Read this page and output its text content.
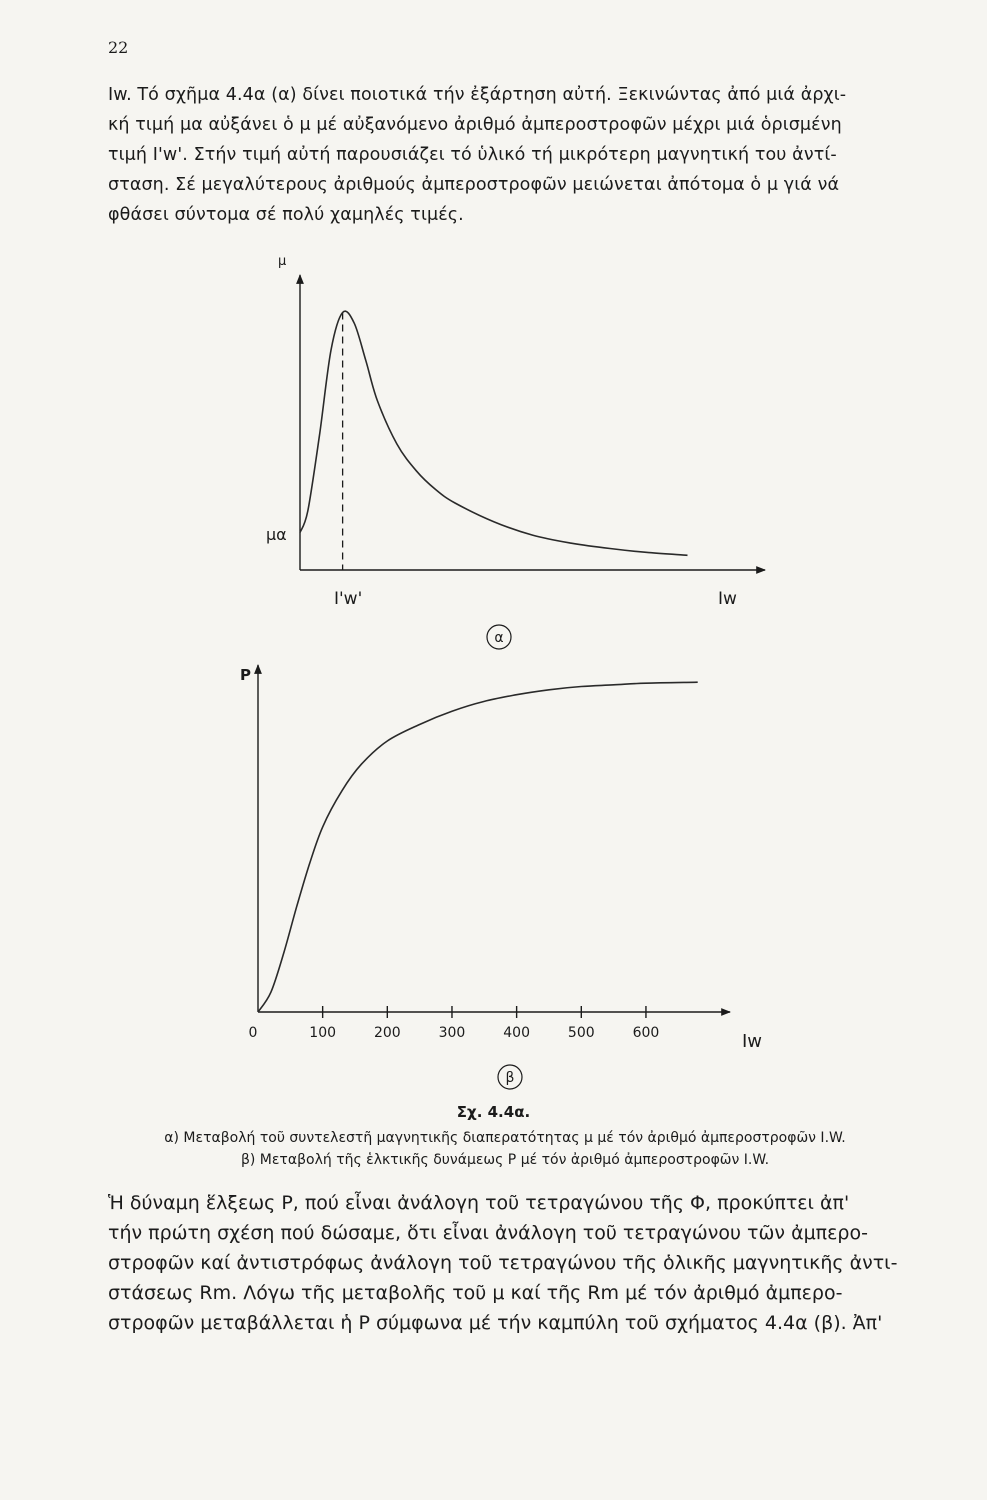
22
Iw. Τό σχῆμα 4.4α (α) δίνει ποιοτικά τήν ἐξάρτηση αὐτή. Ξεκινώντας ἀπό μιά ἀρχι-
κή τιμή μα αὐξάνει ὁ μ μέ αὐξανόμενο ἀριθμό ἀμπεροστροφῶν μέχρι μιά ὁρισμένη
τιμή I'w'. Στήν τιμή αὐτή παρουσιάζει τό ὑλικό τή μικρότερη μαγνητική του ἀντί-
σταση. Σέ μεγαλύτερους ἀριθμούς ἀμπεροστροφῶν μειώνεται ἀπότομα ὁ μ γιά νά
φθάσει σύντομα σέ πολύ χαμηλές τιμές.
μ
μα
I'w'	Iw
α
0	100	200	300	400	500	600
P
Iw
β
Σχ. 4.4α.
α) Μεταβολή τοῦ συντελεστῆ μαγνητικῆς διαπερατότητας μ μέ τόν ἀριθμό ἀμπεροστροφῶν I.W.
β) Μεταβολή τῆς ἑλκτικῆς δυνάμεως P μέ τόν ἀριθμό ἀμπεροστροφῶν I.W.
Ἡ δύναμη ἕλξεως P, πού εἶναι ἀνάλογη τοῦ τετραγώνου τῆς Φ, προκύπτει ἀπ'
τήν πρώτη σχέση πού δώσαμε, ὅτι εἶναι ἀνάλογη τοῦ τετραγώνου τῶν ἀμπερο-
στροφῶν καί ἀντιστρόφως ἀνάλογη τοῦ τετραγώνου τῆς ὁλικῆς μαγνητικῆς ἀντι-
στάσεως Rm. Λόγω τῆς μεταβολῆς τοῦ μ καί τῆς Rm μέ τόν ἀριθμό ἀμπερο-
στροφῶν μεταβάλλεται ἡ P σύμφωνα μέ τήν καμπύλη τοῦ σχήματος 4.4α (β). Ἀπ'
